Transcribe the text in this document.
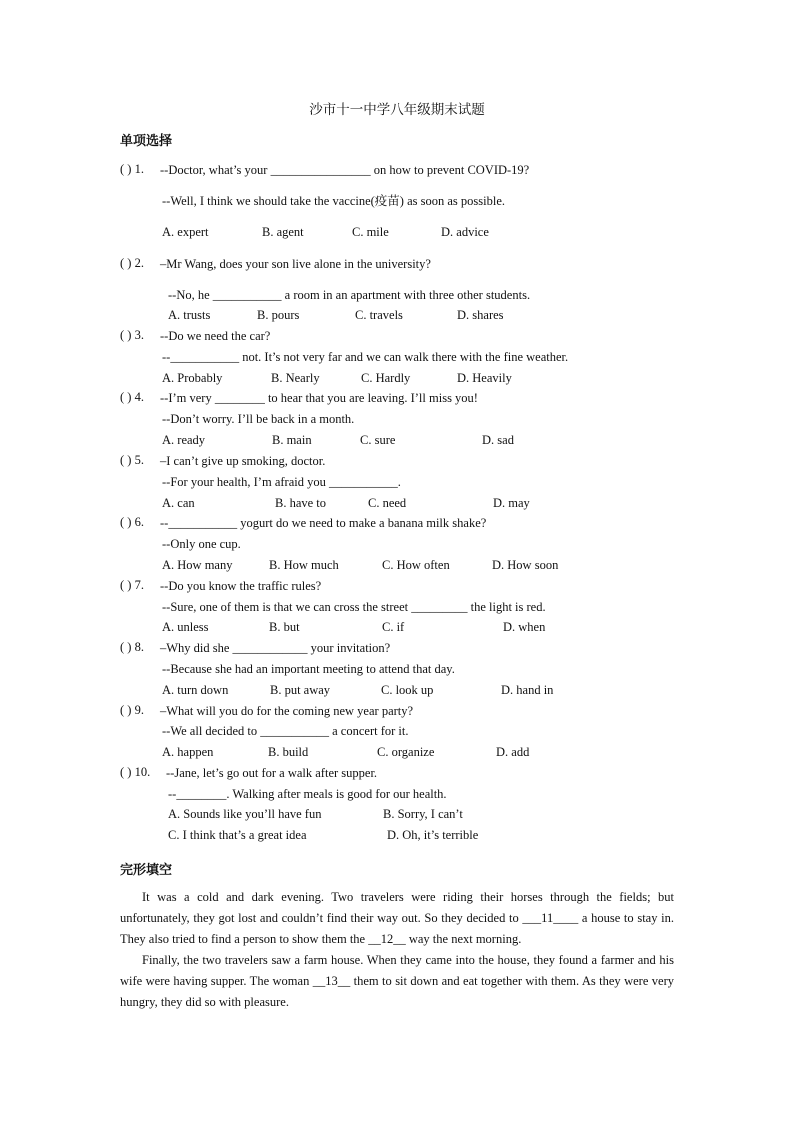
沙市十一中学八年级期末试题
单项选择
( ) 1. --Doctor, what’s your ________________ on how to prevent COVID-19?
--Well, I think we should take the vaccine(疫苗) as soon as possible.
A. expert	B. agent	C. mile	D. advice
( ) 2. –Mr Wang, does your son live alone in the university?
--No, he ___________ a room in an apartment with three other students.
A. trusts	B. pours	C. travels	D. shares
( ) 3. --Do we need the car?
--___________ not. It’s not very far and we can walk there with the fine weather.
A. Probably	B. Nearly	C. Hardly	D. Heavily
( ) 4. --I’m very ________ to hear that you are leaving. I’ll miss you!
--Don’t worry. I’ll be back in a month.
A. ready	B. main	C. sure	D. sad
( ) 5. –I can’t give up smoking, doctor.
--For your health, I’m afraid you ___________.
A. can	B. have to	C. need	D. may
( ) 6. --___________ yogurt do we need to make a banana milk shake?
--Only one cup.
A. How many	B. How much	C. How often	D. How soon
( ) 7. --Do you know the traffic rules?
--Sure, one of them is that we can cross the street _________ the light is red.
A. unless	B. but	C. if	D. when
( ) 8. –Why did she ____________ your invitation?
--Because she had an important meeting to attend that day.
A. turn down	B. put away	C. look up	D. hand in
( ) 9. –What will you do for the coming new year party?
--We all decided to ___________ a concert for it.
A. happen	B. build	C. organize	D. add
( ) 10. --Jane, let’s go out for a walk after supper.
--________. Walking after meals is good for our health.
A. Sounds like you’ll have fun	B. Sorry, I can’t
C. I think that’s a great idea	D. Oh, it’s terrible
完形填空

It was a cold and dark evening. Two travelers were riding their horses through the fields; but unfortunately, they got lost and couldn’t find their way out. So they decided to ___11____ a house to stay in. They also tried to find a person to show them the __12__ way the next morning.

Finally, the two travelers saw a farm house. When they came into the house, they found a farmer and his wife were having supper. The woman __13__ them to sit down and eat together with them. As they were very hungry, they did so with pleasure.
